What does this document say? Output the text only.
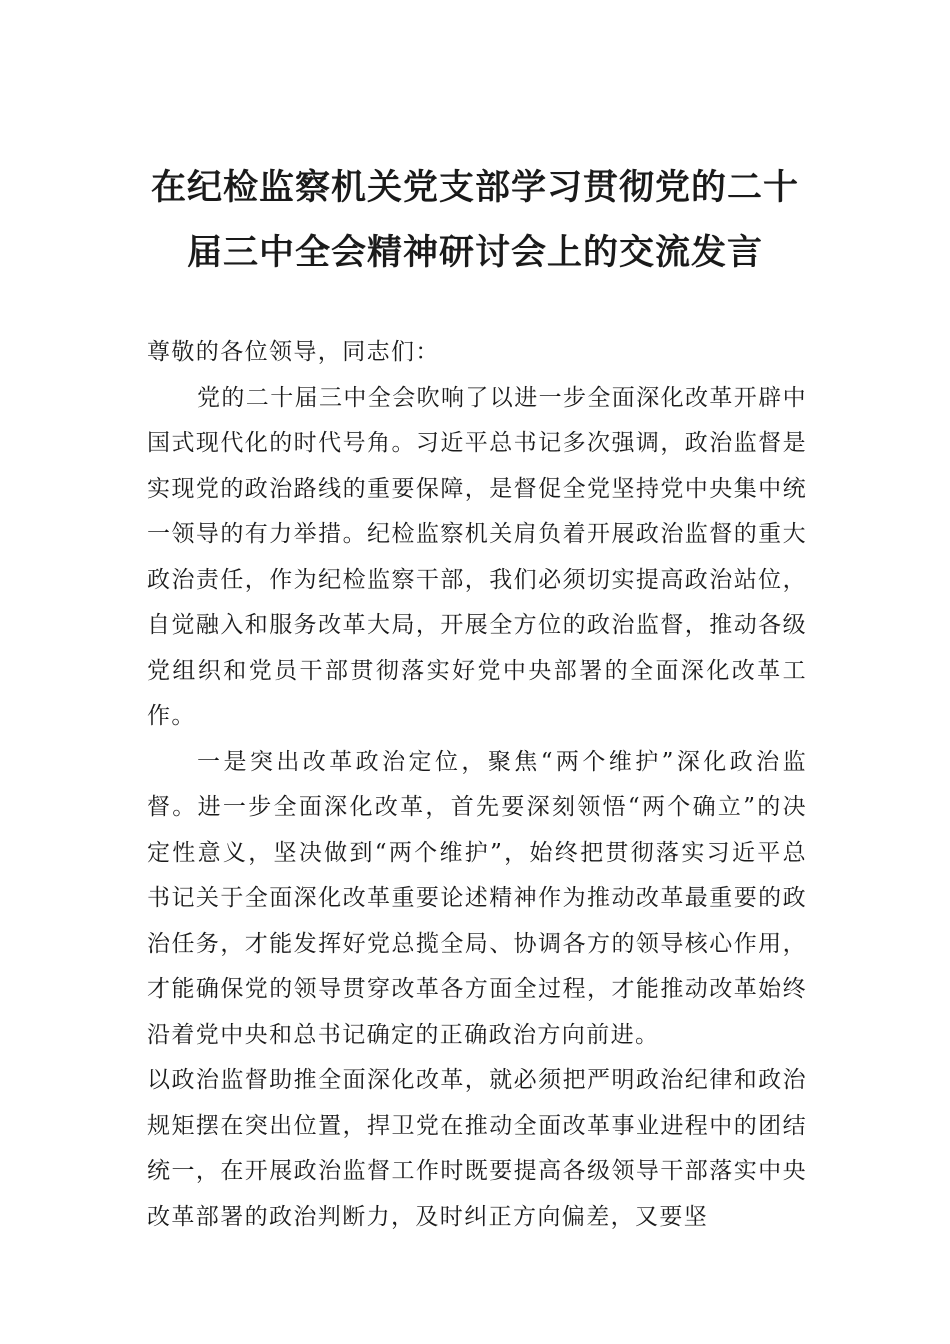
在纪检监察机关党支部学习贯彻党的二十
届三中全会精神研讨会上的交流发言

尊敬的各位领导，同志们：

党的二十届三中全会吹响了以进一步全面深化改革开辟中国式现代化的时代号角。习近平总书记多次强调，政治监督是实现党的政治路线的重要保障，是督促全党坚持党中央集中统一领导的有力举措。纪检监察机关肩负着开展政治监督的重大政治责任，作为纪检监察干部，我们必须切实提高政治站位，自觉融入和服务改革大局，开展全方位的政治监督，推动各级党组织和党员干部贯彻落实好党中央部署的全面深化改革工作。

一是突出改革政治定位，聚焦“两个维护”深化政治监督。进一步全面深化改革，首先要深刻领悟“两个确立”的决定性意义，坚决做到“两个维护”，始终把贯彻落实习近平总书记关于全面深化改革重要论述精神作为推动改革最重要的政治任务，才能发挥好党总揽全局、协调各方的领导核心作用，才能确保党的领导贯穿改革各方面全过程，才能推动改革始终沿着党中央和总书记确定的正确政治方向前进。

以政治监督助推全面深化改革，就必须把严明政治纪律和政治规矩摆在突出位置，捍卫党在推动全面改革事业进程中的团结统一，在开展政治监督工作时既要提高各级领导干部落实中央改革部署的政治判断力，及时纠正方向偏差，又要坚
